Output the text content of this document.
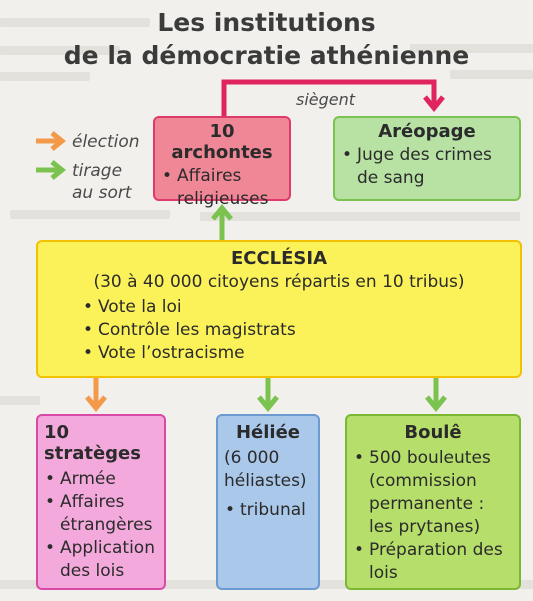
Les institutions
de la démocratie athénienne
élection
tirage
au sort
siègent
10 archontes
• Affaires religieuses
Aréopage
• Juge des crimes de sang
ECCLÉSIA
(30 à 40 000 citoyens répartis en 10 tribus)
• Vote la loi
• Contrôle les magistrats
• Vote l’ostracisme
10 stratèges
• Armée
• Affaires étrangères
• Application des lois
Héliée
(6 000 héliastes)
• tribunal
Boulê
• 500 bouleutes (commission permanente : les prytanes)
• Préparation des lois
